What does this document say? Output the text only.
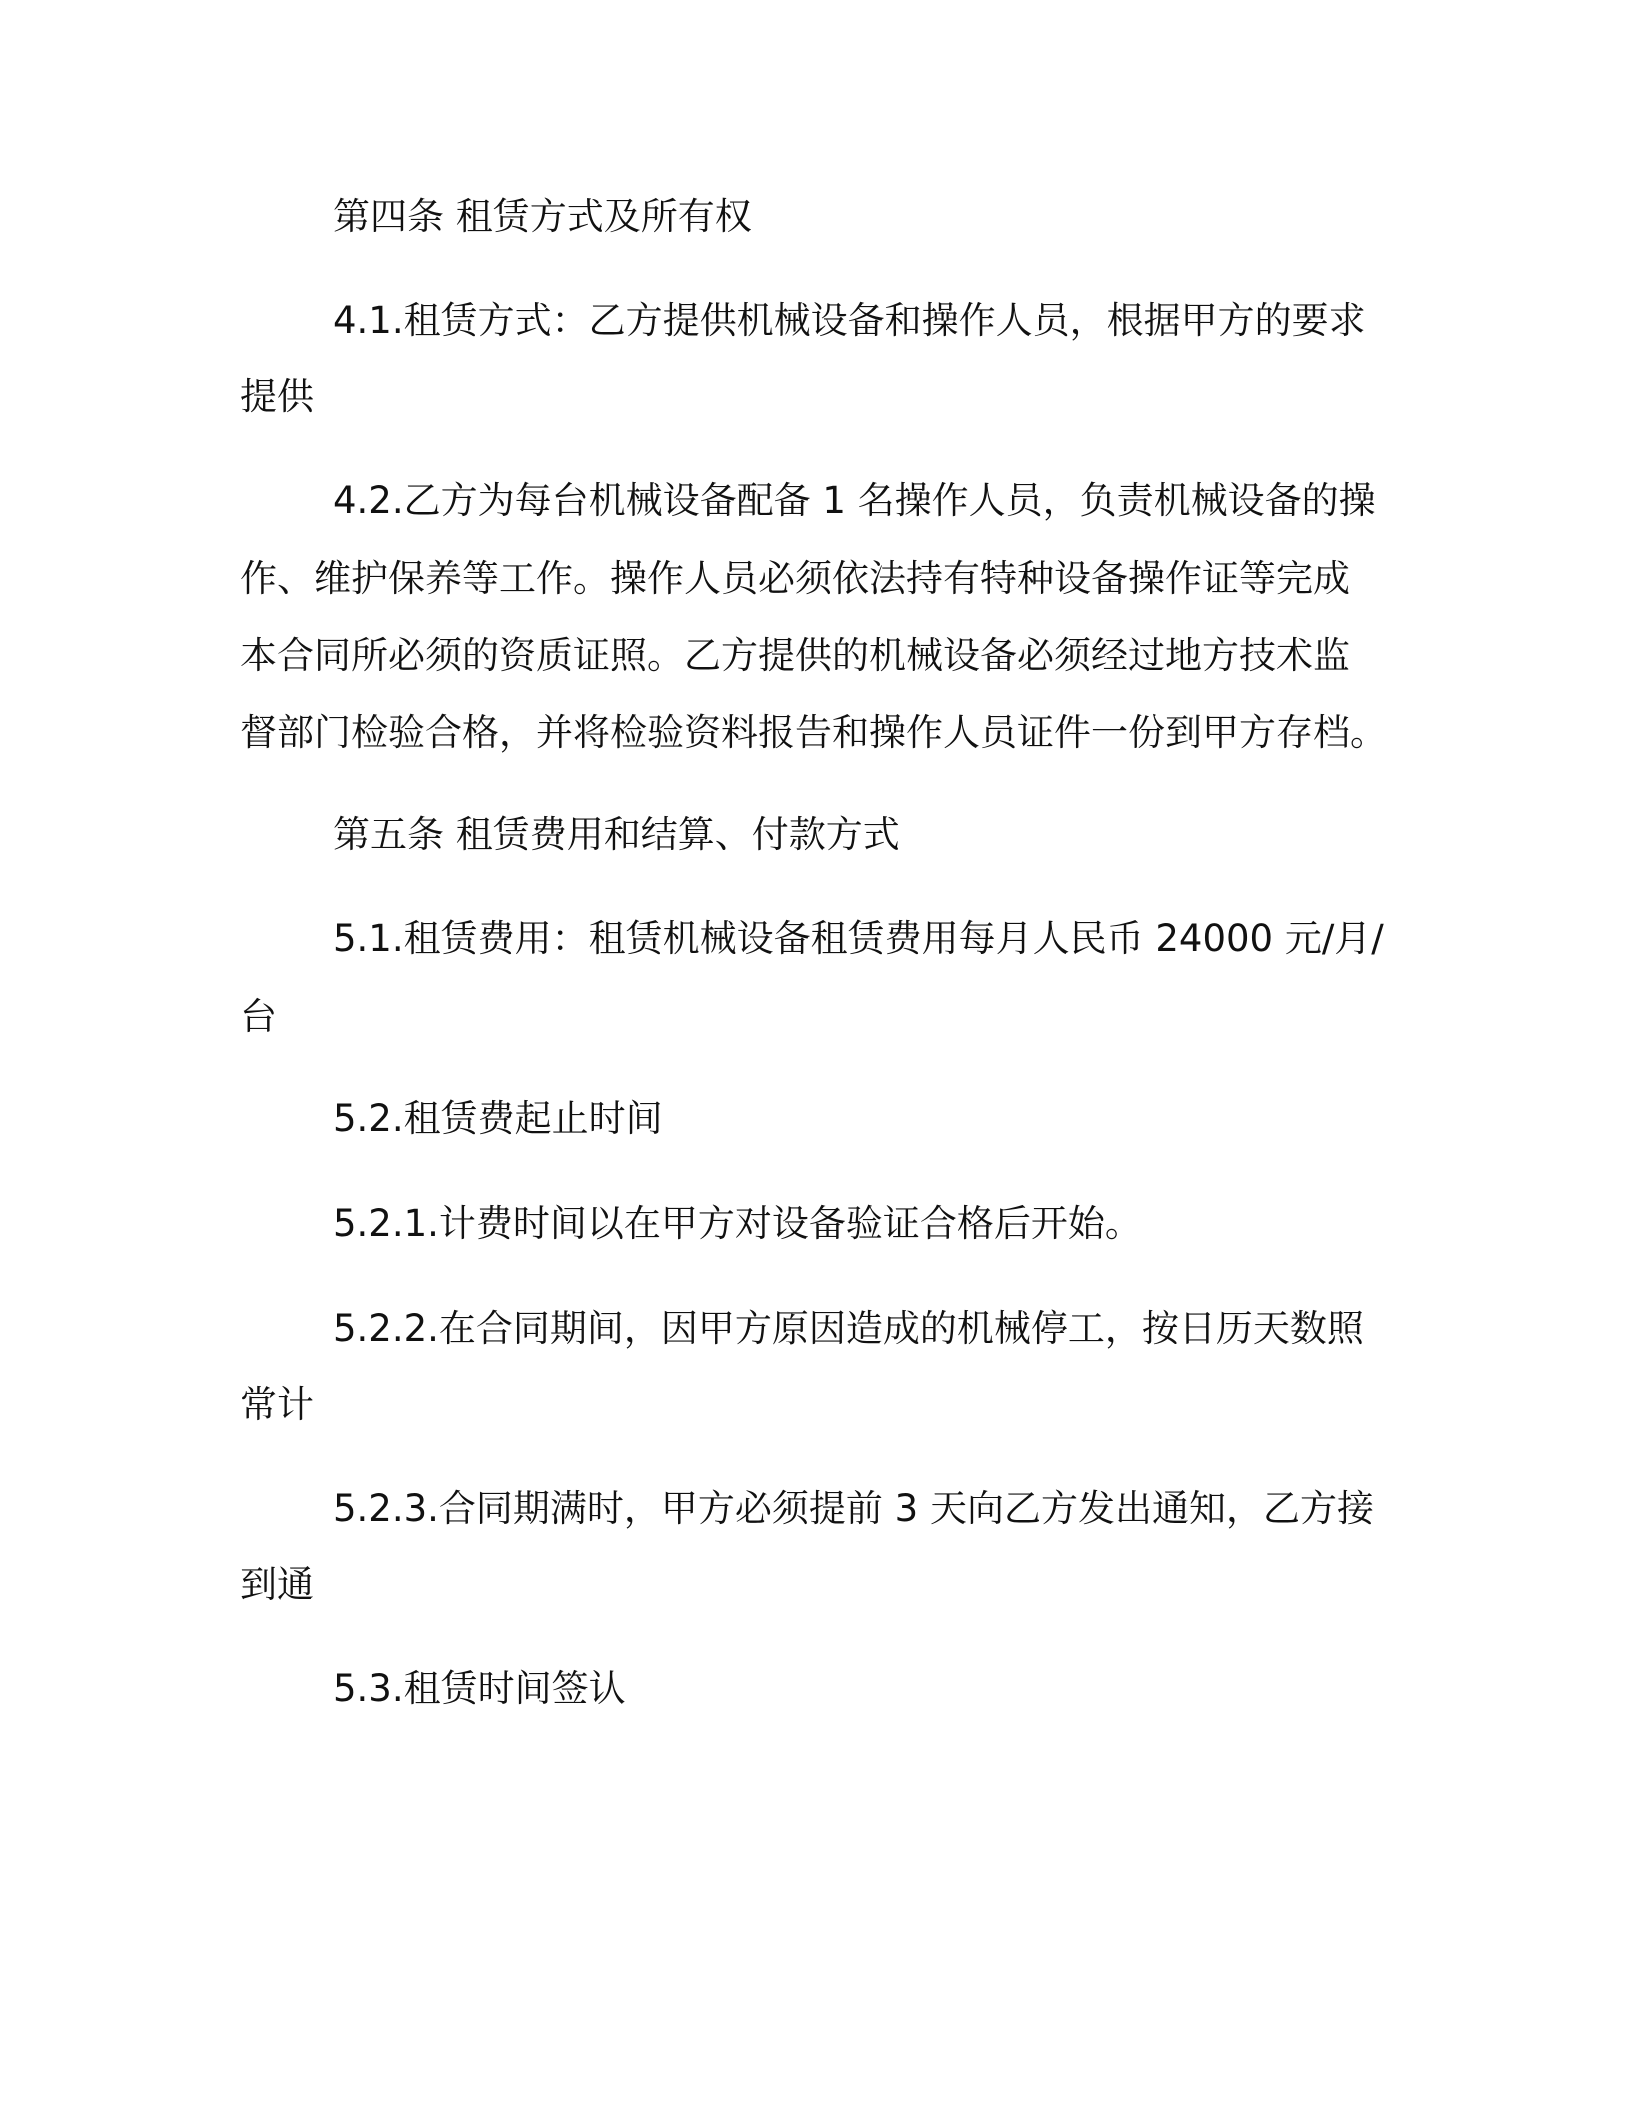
第四条 租赁方式及所有权
4.1.租赁方式：乙方提供机械设备和操作人员，根据甲方的要求
提供
4.2.乙方为每台机械设备配备 1 名操作人员，负责机械设备的操
作、维护保养等工作。操作人员必须依法持有特种设备操作证等完成
本合同所必须的资质证照。乙方提供的机械设备必须经过地方技术监
督部门检验合格，并将检验资料报告和操作人员证件一份到甲方存档。
第五条 租赁费用和结算、付款方式
5.1.租赁费用：租赁机械设备租赁费用每月人民币 24000 元/月/
台
5.2.租赁费起止时间
5.2.1.计费时间以在甲方对设备验证合格后开始。
5.2.2.在合同期间，因甲方原因造成的机械停工，按日历天数照
常计
5.2.3.合同期满时，甲方必须提前 3 天向乙方发出通知，乙方接
到通
5.3.租赁时间签认
